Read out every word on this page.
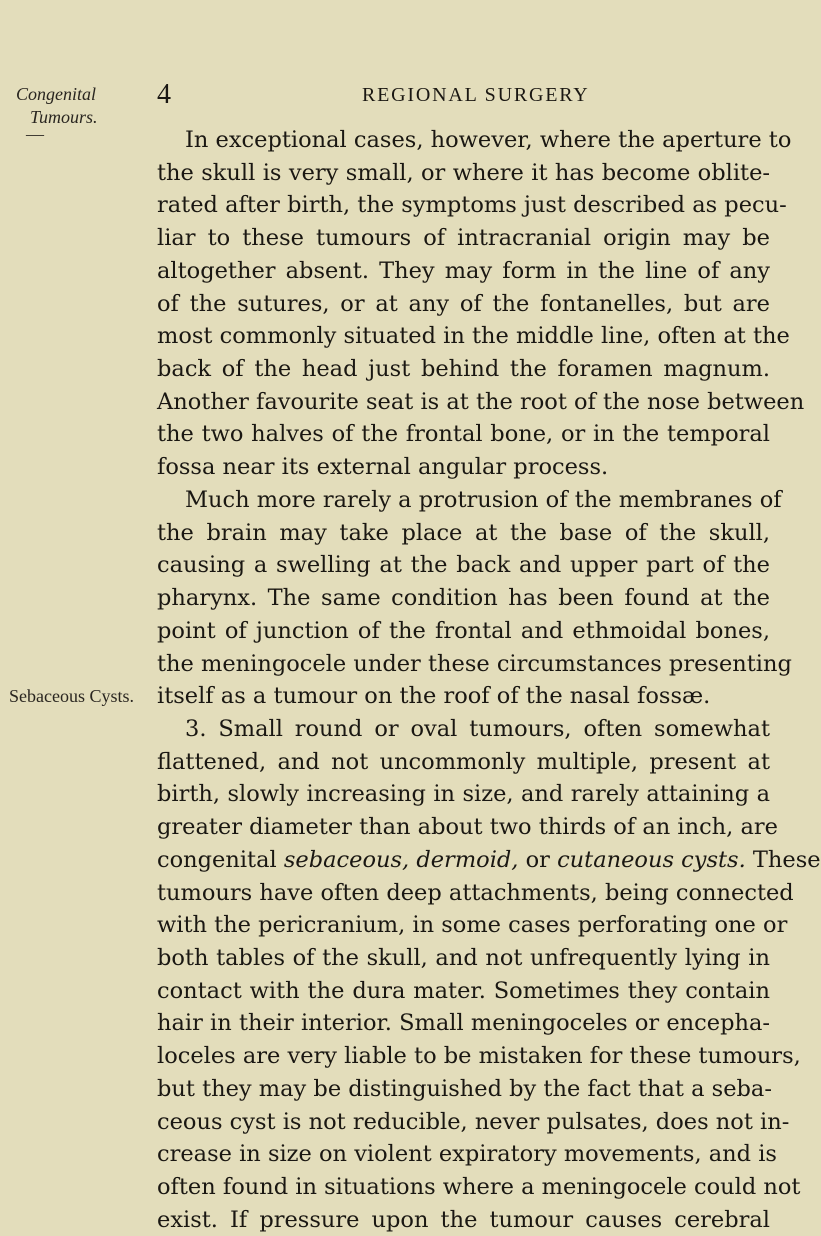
Congenital
Tumours.
—
Sebaceous Cysts.
4	REGIONAL SURGERY
In exceptional cases, however, where the aperture to
the skull is very small, or where it has become oblite-
rated after birth, the symptoms just described as pecu-
liar to these tumours of intracranial origin may be
altogether absent. They may form in the line of any
of the sutures, or at any of the fontanelles, but are
most commonly situated in the middle line, often at the
back of the head just behind the foramen magnum.
Another favourite seat is at the root of the nose between
the two halves of the frontal bone, or in the temporal
fossa near its external angular process.
Much more rarely a protrusion of the membranes of
the brain may take place at the base of the skull,
causing a swelling at the back and upper part of the
pharynx. The same condition has been found at the
point of junction of the frontal and ethmoidal bones,
the meningocele under these circumstances presenting
itself as a tumour on the roof of the nasal fossæ.
3. Small round or oval tumours, often somewhat
flattened, and not uncommonly multiple, present at
birth, slowly increasing in size, and rarely attaining a
greater diameter than about two thirds of an inch, are
congenital sebaceous, dermoid, or cutaneous cysts. These
tumours have often deep attachments, being connected
with the pericranium, in some cases perforating one or
both tables of the skull, and not unfrequently lying in
contact with the dura mater. Sometimes they contain
hair in their interior. Small meningoceles or encepha-
loceles are very liable to be mistaken for these tumours,
but they may be distinguished by the fact that a seba-
ceous cyst is not reducible, never pulsates, does not in-
crease in size on violent expiratory movements, and is
often found in situations where a meningocele could not
exist. If pressure upon the tumour causes cerebral
